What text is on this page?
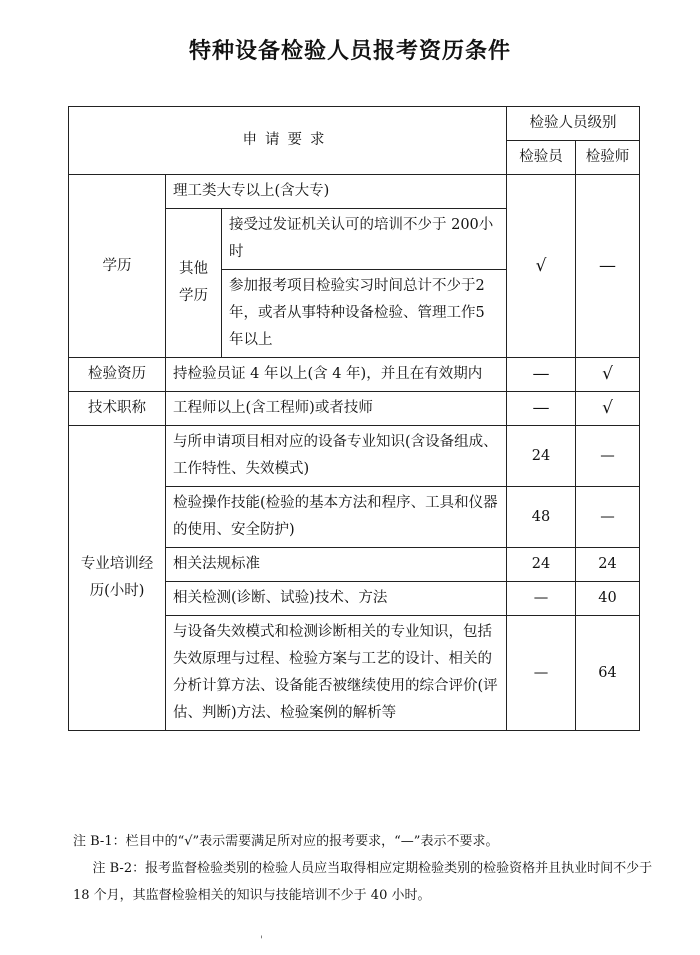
特种设备检验人员报考资历条件
申请要求			检验人员级别	
			检验员	检验师
学历	理工类大专以上(含大专)		√	—
	其他学历	接受过发证机关认可的培训不少于 200小时		
		参加报考项目检验实习时间总计不少于2年，或者从事特种设备检验、管理工作5年以上		
检验资历	持检验员证 4 年以上(含 4 年)，并且在有效期内		—	√
技术职称	工程师以上(含工程师)或者技师		—	√
专业培训经历(小时)	与所申请项目相对应的设备专业知识(含设备组成、工作特性、失效模式)		24	—
	检验操作技能(检验的基本方法和程序、工具和仪器的使用、安全防护)		48	—
	相关法规标准		24	24
	相关检测(诊断、试验)技术、方法		—	40
	与设备失效模式和检测诊断相关的专业知识，包括失效原理与过程、检验方案与工艺的设计、相关的分析计算方法、设备能否被继续使用的综合评价(评估、判断)方法、检验案例的解析等		—	64

注 B-1：栏目中的“√”表示需要满足所对应的报考要求，“—”表示不要求。

注 B-2：报考监督检验类别的检验人员应当取得相应定期检验类别的检验资格并且执业时间不少于 18 个月，其监督检验相关的知识与技能培训不少于 40 小时。

'
